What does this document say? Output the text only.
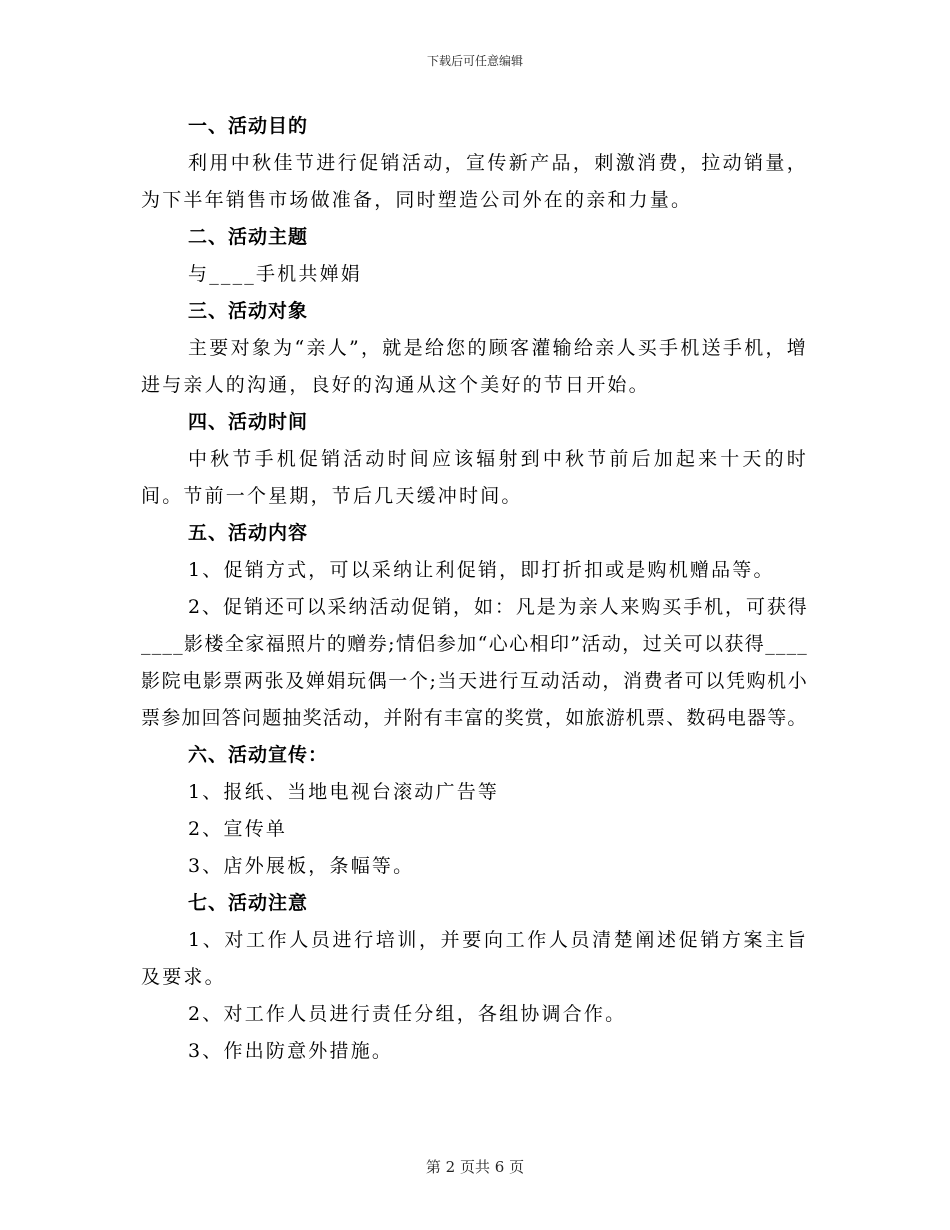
下载后可任意编辑
一、活动目的
利用中秋佳节进行促销活动，宣传新产品，刺激消费，拉动销量，为下半年销售市场做准备，同时塑造公司外在的亲和力量。
二、活动主题
与____手机共婵娟
三、活动对象
主要对象为“亲人”，就是给您的顾客灌输给亲人买手机送手机，增进与亲人的沟通，良好的沟通从这个美好的节日开始。
四、活动时间
中秋节手机促销活动时间应该辐射到中秋节前后加起来十天的时间。节前一个星期，节后几天缓冲时间。
五、活动内容
1、促销方式，可以采纳让利促销，即打折扣或是购机赠品等。
2、促销还可以采纳活动促销，如：凡是为亲人来购买手机，可获得____影楼全家福照片的赠券;情侣参加“心心相印”活动，过关可以获得____影院电影票两张及婵娟玩偶一个;当天进行互动活动，消费者可以凭购机小票参加回答问题抽奖活动，并附有丰富的奖赏，如旅游机票、数码电器等。
六、活动宣传：
1、报纸、当地电视台滚动广告等
2、宣传单
3、店外展板，条幅等。
七、活动注意
1、对工作人员进行培训，并要向工作人员清楚阐述促销方案主旨及要求。
2、对工作人员进行责任分组，各组协调合作。
3、作出防意外措施。
第 2 页共 6 页
